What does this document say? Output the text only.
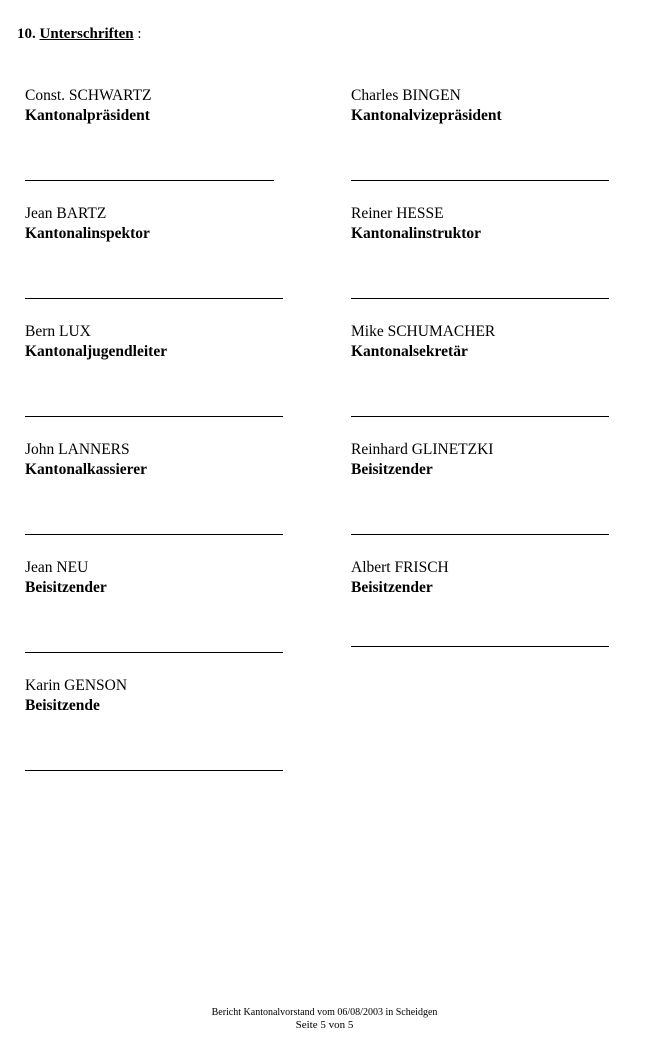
10. Unterschriften :
Const. SCHWARTZ
Kantonalpräsident
Charles BINGEN
Kantonalvizepräsident
Jean BARTZ
Kantonalinspektor
Reiner HESSE
Kantonalinstruktor
Bern LUX
Kantonaljugendleiter
Mike SCHUMACHER
Kantonalsekretär
John LANNERS
Kantonalkassierer
Reinhard GLINETZKI
Beisitzender
Jean NEU
Beisitzender
Albert FRISCH
Beisitzender
Karin GENSON
Beisitzende
Bericht Kantonalvorstand vom 06/08/2003 in Scheidgen
Seite 5 von 5
